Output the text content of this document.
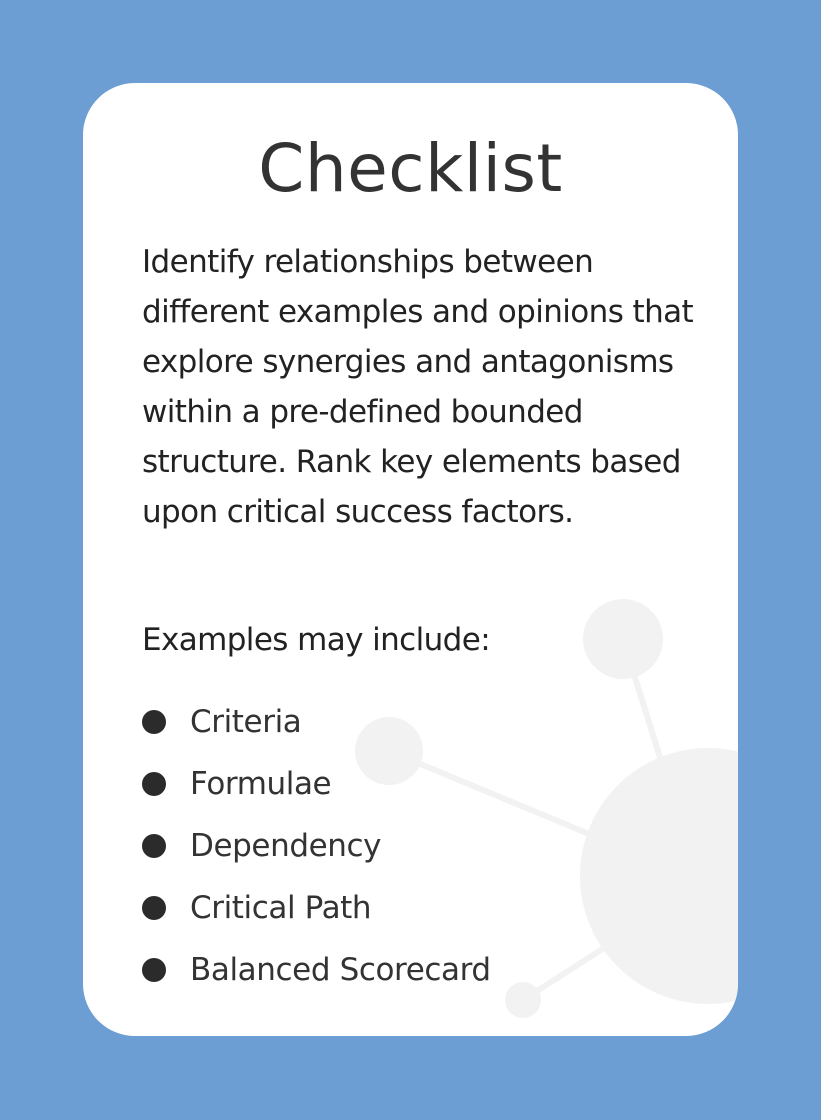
Checklist

Identify relationships between different examples and opinions that explore synergies and antagonisms within a pre-defined bounded structure. Rank key elements based upon critical success factors.

Examples may include:

Criteria
Formulae
Dependency
Critical Path
Balanced Scorecard
